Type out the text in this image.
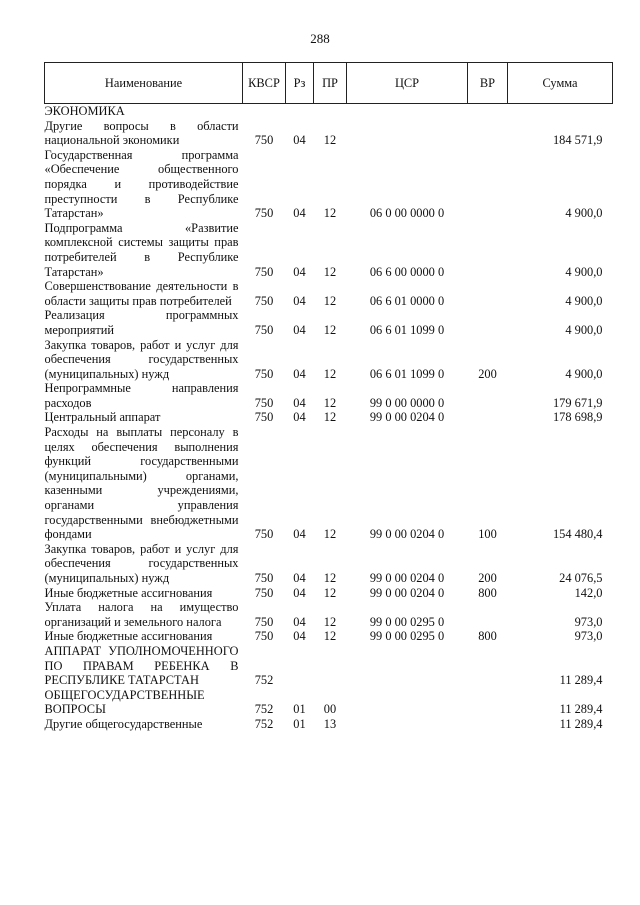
288
Наименование	КВСР	Рз	ПР	ЦСР	ВР	Сумма
ЭКОНОМИКА						
Другие вопросы в области национальной экономики	750	04	12			184 571,9
Государственная программа «Обеспечение общественного порядка и противодействие преступности в Республике Татарстан»	750	04	12	06 0 00 0000 0		4 900,0
Подпрограмма «Развитие комплексной системы защиты прав потребителей в Республике Татарстан»	750	04	12	06 6 00 0000 0		4 900,0
Совершенствование деятельности в области защиты прав потребителей	750	04	12	06 6 01 0000 0		4 900,0
Реализация программных мероприятий	750	04	12	06 6 01 1099 0		4 900,0
Закупка товаров, работ и услуг для обеспечения государственных (муниципальных) нужд	750	04	12	06 6 01 1099 0	200	4 900,0
Непрограммные направления расходов	750	04	12	99 0 00 0000 0		179 671,9
Центральный аппарат	750	04	12	99 0 00 0204 0		178 698,9
Расходы на выплаты персоналу в целях обеспечения выполнения функций государственными (муниципальными) органами, казенными учреждениями, органами управления государственными внебюджетными фондами	750	04	12	99 0 00 0204 0	100	154 480,4
Закупка товаров, работ и услуг для обеспечения государственных (муниципальных) нужд	750	04	12	99 0 00 0204 0	200	24 076,5
Иные бюджетные ассигнования	750	04	12	99 0 00 0204 0	800	142,0
Уплата налога на имущество организаций и земельного налога	750	04	12	99 0 00 0295 0		973,0
Иные бюджетные ассигнования	750	04	12	99 0 00 0295 0	800	973,0
АППАРАТ УПОЛНОМОЧЕННОГО ПО ПРАВАМ РЕБЕНКА В РЕСПУБЛИКЕ ТАТАРСТАН	752					11 289,4
ОБЩЕГОСУДАРСТВЕННЫЕ ВОПРОСЫ	752	01	00			11 289,4
Другие общегосударственные	752	01	13			11 289,4
